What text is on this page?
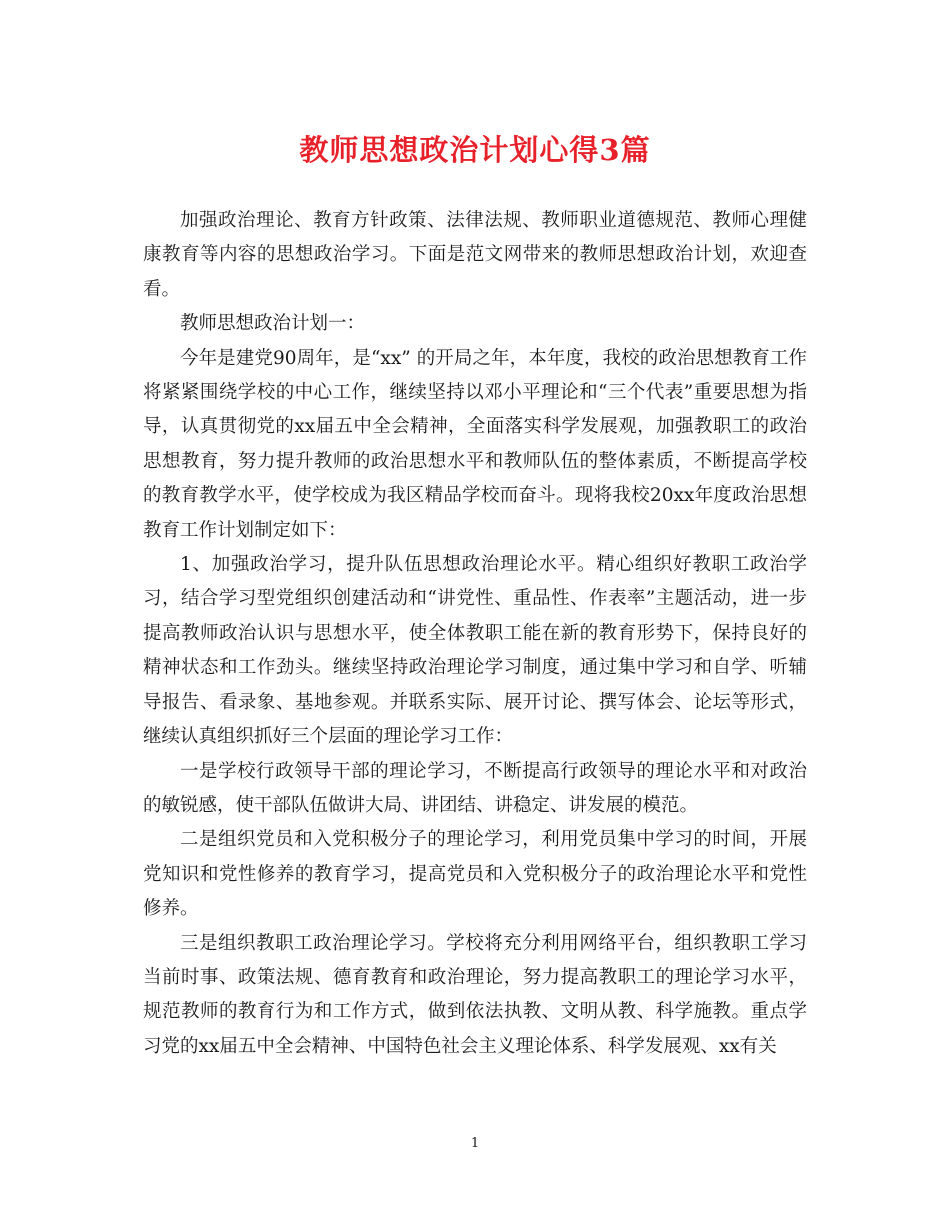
教师思想政治计划心得3篇

加强政治理论、教育方针政策、法律法规、教师职业道德规范、教师心理健康教育等内容的思想政治学习。下面是范文网带来的教师思想政治计划，欢迎查看。

教师思想政治计划一：

今年是建党90周年，是“xx” 的开局之年，本年度，我校的政治思想教育工作将紧紧围绕学校的中心工作，继续坚持以邓小平理论和“三个代表”重要思想为指导，认真贯彻党的xx届五中全会精神，全面落实科学发展观，加强教职工的政治思想教育，努力提升教师的政治思想水平和教师队伍的整体素质，不断提高学校的教育教学水平，使学校成为我区精品学校而奋斗。现将我校20xx年度政治思想教育工作计划制定如下：

1、加强政治学习，提升队伍思想政治理论水平。精心组织好教职工政治学习，结合学习型党组织创建活动和“讲党性、重品性、作表率”主题活动，进一步提高教师政治认识与思想水平，使全体教职工能在新的教育形势下，保持良好的精神状态和工作劲头。继续坚持政治理论学习制度，通过集中学习和自学、听辅导报告、看录象、基地参观。并联系实际、展开讨论、撰写体会、论坛等形式，继续认真组织抓好三个层面的理论学习工作：

一是学校行政领导干部的理论学习，不断提高行政领导的理论水平和对政治的敏锐感，使干部队伍做讲大局、讲团结、讲稳定、讲发展的模范。

二是组织党员和入党积极分子的理论学习，利用党员集中学习的时间，开展党知识和党性修养的教育学习，提高党员和入党积极分子的政治理论水平和党性修养。

三是组织教职工政治理论学习。学校将充分利用网络平台，组织教职工学习当前时事、政策法规、德育教育和政治理论，努力提高教职工的理论学习水平，规范教师的教育行为和工作方式，做到依法执教、文明从教、科学施教。重点学习党的xx届五中全会精神、中国特色社会主义理论体系、科学发展观、xx有关

1
